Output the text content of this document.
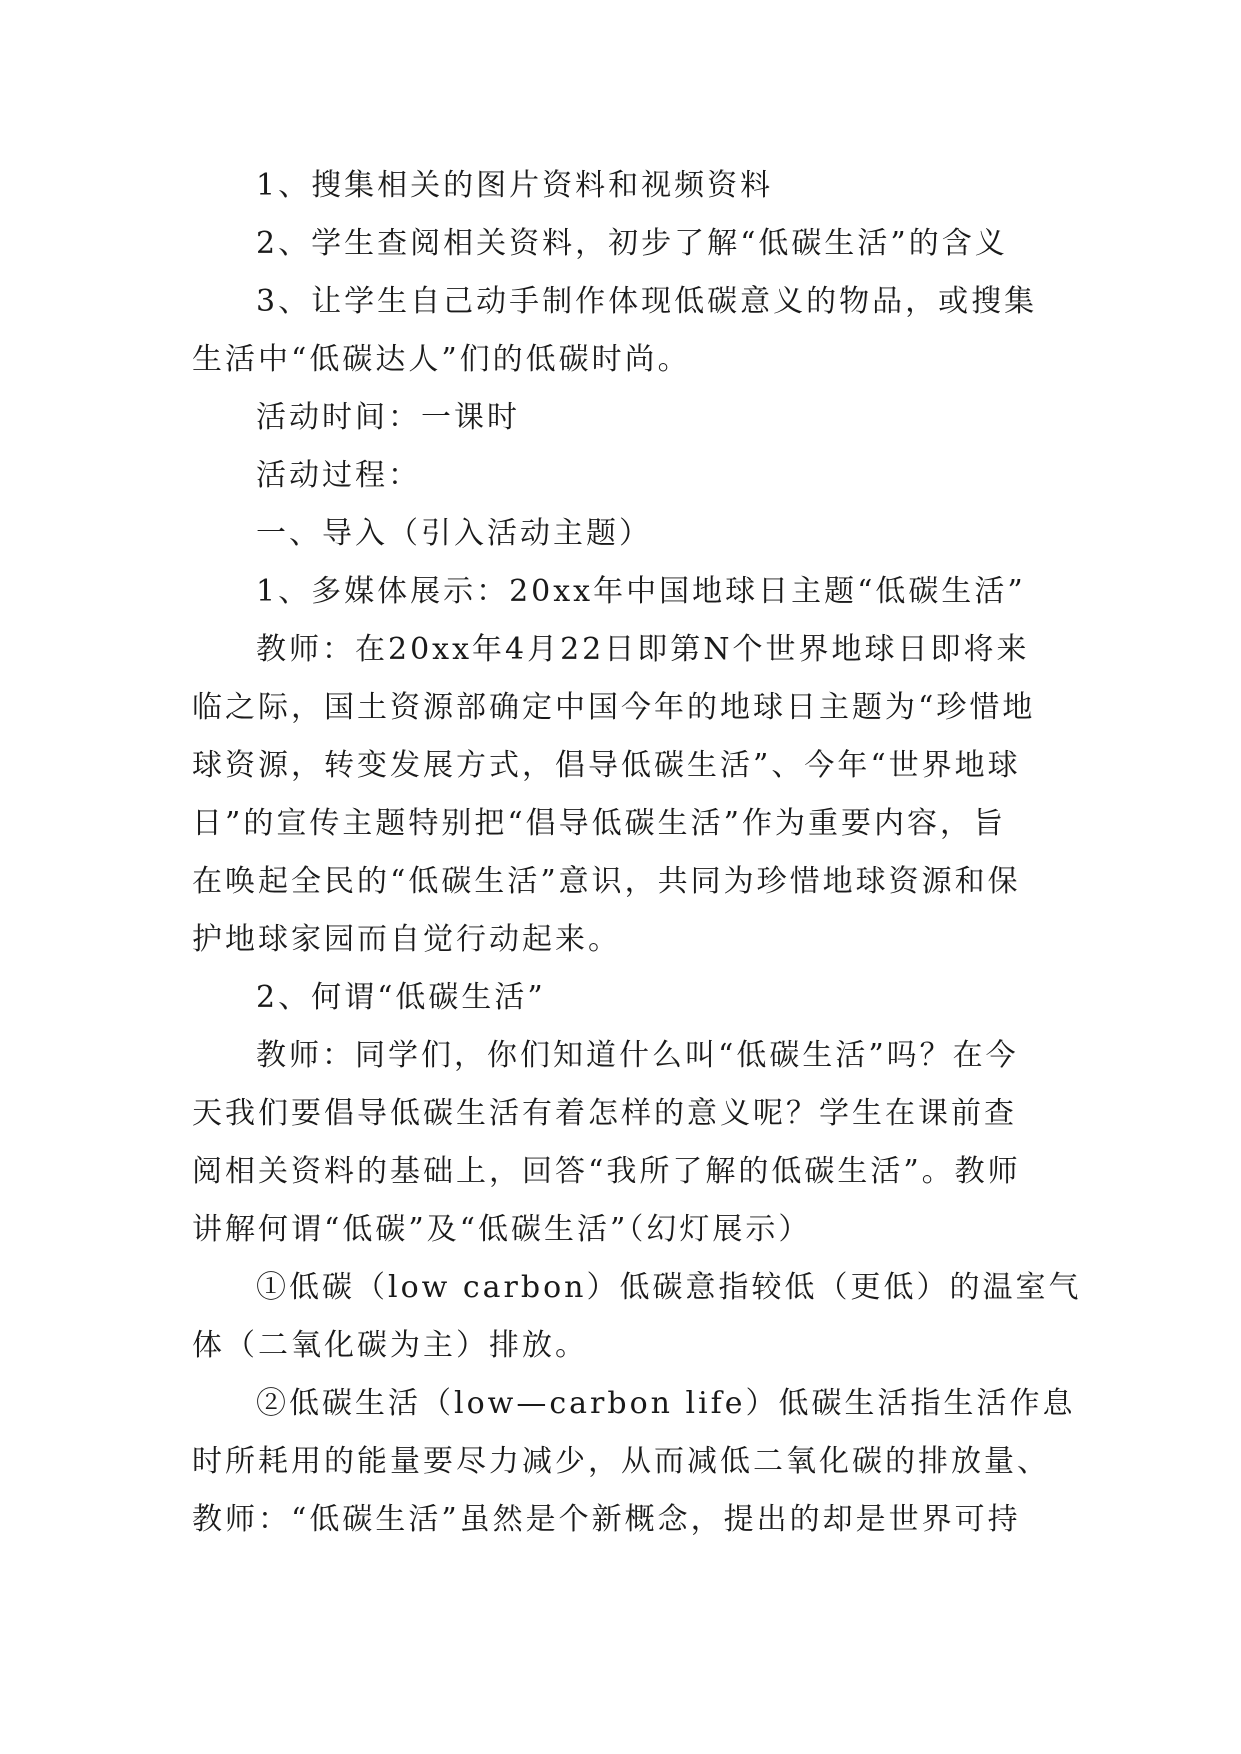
1、搜集相关的图片资料和视频资料
2、学生查阅相关资料，初步了解“低碳生活”的含义
3、让学生自己动手制作体现低碳意义的物品，或搜集
生活中“低碳达人”们的低碳时尚。
活动时间：一课时
活动过程：
一、导入（引入活动主题）
1、多媒体展示：20xx年中国地球日主题“低碳生活”
教师：在20xx年4月22日即第N个世界地球日即将来
临之际，国土资源部确定中国今年的地球日主题为“珍惜地
球资源，转变发展方式，倡导低碳生活”、今年“世界地球
日”的宣传主题特别把“倡导低碳生活”作为重要内容，旨
在唤起全民的“低碳生活”意识，共同为珍惜地球资源和保
护地球家园而自觉行动起来。
2、何谓“低碳生活”
教师：同学们，你们知道什么叫“低碳生活”吗？在今
天我们要倡导低碳生活有着怎样的意义呢？学生在课前查
阅相关资料的基础上，回答“我所了解的低碳生活”。教师
讲解何谓“低碳”及“低碳生活”（幻灯展示）
①低碳（low carbon）低碳意指较低（更低）的温室气
体（二氧化碳为主）排放。
②低碳生活（low—carbon life）低碳生活指生活作息
时所耗用的能量要尽力减少，从而减低二氧化碳的排放量、
教师：“低碳生活”虽然是个新概念，提出的却是世界可持
